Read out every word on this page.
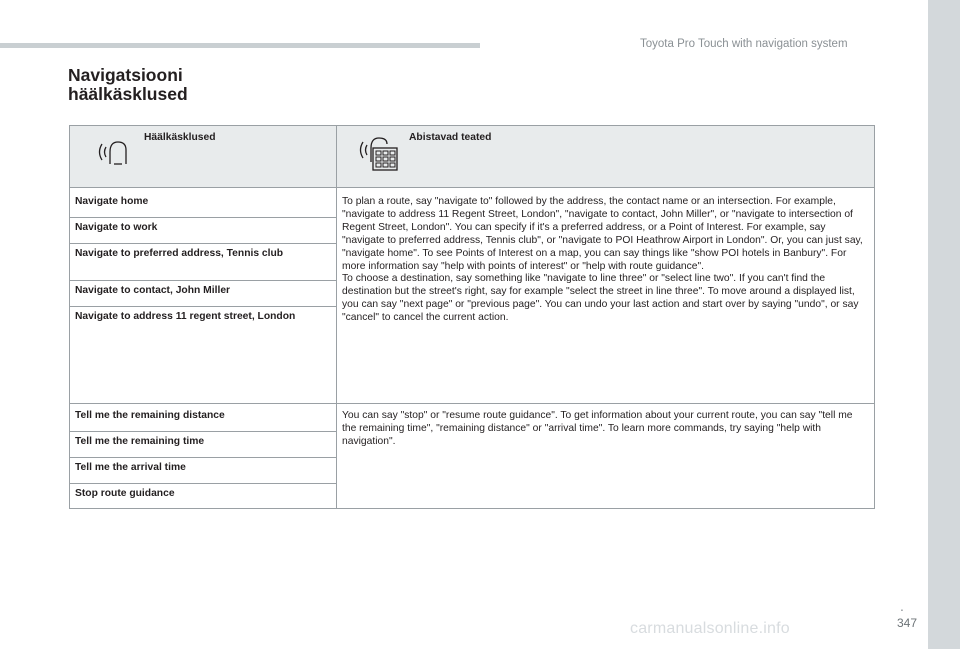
Toyota Pro Touch with navigation system
Navigatsiooni
häälkäsklused
Häälkäsklused	Abistavad teated

Navigate home	To plan a route, say "navigate to" followed by the address, the contact name or an intersection. For example, "navigate to address 11 Regent Street, London", "navigate to contact, John Miller", or "navigate to intersection of Regent Street, London". You can specify if it's a preferred address, or a Point of Interest. For example, say "navigate to preferred address, Tennis club", or "navigate to POI Heathrow Airport in London". Or, you can just say, "navigate home". To see Points of Interest on a map, you can say things like "show POI hotels in Banbury". For more information say "help with points of interest" or "help with route guidance".
To choose a destination, say something like "navigate to line three" or "select line two". If you can't find the destination but the street's right, say for example "select the street in line three". To move around a displayed list, you can say "next page" or "previous page". You can undo your last action and start over by saying "undo", or say "cancel" to cancel the current action.
Navigate to work	
Navigate to preferred address, Tennis club	
Navigate to contact, John Miller	
Navigate to address 11 regent street, London	
Tell me the remaining distance	You can say "stop" or "resume route guidance". To get information about your current route, you can say "tell me the remaining time", "remaining distance" or "arrival time". To learn more commands, try saying "help with navigation".
Tell me the remaining time	
Tell me the arrival time	
Stop route guidance	
.
347
carmanualsonline.info
